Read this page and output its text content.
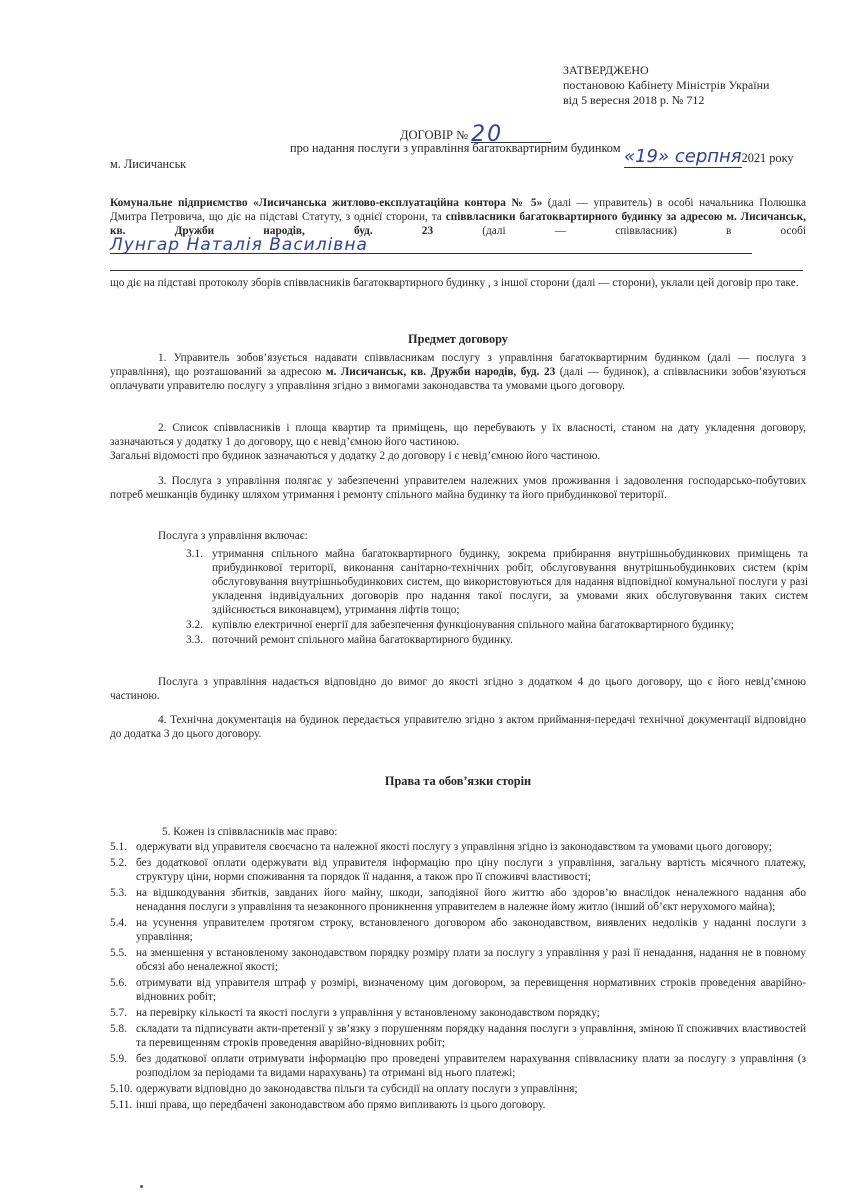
ЗАТВЕРДЖЕНО
постановою Кабінету Міністрів України
від 5 вересня 2018 р. № 712
ДОГОВІР № 20
про надання послуги з управління багатоквартирним будинком
м. Лисичанськ	«19» серпня2021 року

Комунальне підприємство «Лисичанська житлово-експлуатаційна контора № 5» (далі — управитель) в особі начальника Полюшка Дмитра Петровича, що діє на підставі Статуту, з однієї сторони, та співвласники багатоквартирного будинку за адресою м. Лисичанськ, кв. Дружби народів, буд. 23 (далі — співвласник) в особі Лунгар Наталія Василівна

що діє на підставі протоколу зборів співвласників багатоквартирного будинку , з іншої сторони (далі — сторони), уклали цей договір про таке.
Предмет договору

1. Управитель зобов’язується надавати співвласникам послугу з управління багатоквартирним будинком (далі — послуга з управління), що розташований за адресою м. Лисичанськ, кв. Дружби народів, буд. 23 (далі — будинок), а співвласники зобов’язуються оплачувати управителю послугу з управління згідно з вимогами законодавства та умовами цього договору.

2. Список співвласників і площа квартир та приміщень, що перебувають у їх власності, станом на дату укладення договору, зазначаються у додатку 1 до договору, що є невід’ємною його частиною.

Загальні відомості про будинок зазначаються у додатку 2 до договору і є невід’ємною його частиною.

3. Послуга з управління полягає у забезпеченні управителем належних умов проживання і задоволення господарсько-побутових потреб мешканців будинку шляхом утримання і ремонту спільного майна будинку та його прибудинкової території.

Послуга з управління включає:

3.1. утримання спільного майна багатоквартирного будинку, зокрема прибирання внутрішньобудинкових приміщень та прибудинкової території, виконання санітарно-технічних робіт, обслуговування внутрішньобудинкових систем (крім обслуговування внутрішньобудинкових систем, що використовуються для надання відповідної комунальної послуги у разі укладення індивідуальних договорів про надання такої послуги, за умовами яких обслуговування таких систем здійснюється виконавцем), утримання ліфтів тощо;
3.2. купівлю електричної енергії для забезпечення функціонування спільного майна багатоквартирного будинку;
3.3. поточний ремонт спільного майна багатоквартирного будинку.

Послуга з управління надається відповідно до вимог до якості згідно з додатком 4 до цього договору, що є його невід’ємною частиною.

4. Технічна документація на будинок передається управителю згідно з актом приймання-передачі технічної документації відповідно до додатка 3 до цього договору.

Права та обов’язки сторін

5. Кожен із співвласників має право:

5.1. одержувати від управителя своєчасно та належної якості послугу з управління згідно із законодавством та умовами цього договору;
5.2. без додаткової оплати одержувати від управителя інформацію про ціну послуги з управління, загальну вартість місячного платежу, структуру ціни, норми споживання та порядок її надання, а також про її споживчі властивості;
5.3. на відшкодування збитків, завданих його майну, шкоди, заподіяної його життю або здоров’ю внаслідок неналежного надання або ненадання послуги з управління та незаконного проникнення управителем в належне йому житло (інший об’єкт нерухомого майна);
5.4. на усунення управителем протягом строку, встановленого договором або законодавством, виявлених недоліків у наданні послуги з управління;
5.5. на зменшення у встановленому законодавством порядку розміру плати за послугу з управління у разі її ненадання, надання не в повному обсязі або неналежної якості;
5.6. отримувати від управителя штраф у розмірі, визначеному цим договором, за перевищення нормативних строків проведення аварійно-відновних робіт;
5.7. на перевірку кількості та якості послуги з управління у встановленому законодавством порядку;
5.8. складати та підписувати акти-претензії у зв’язку з порушенням порядку надання послуги з управління, зміною її споживчих властивостей та перевищенням строків проведення аварійно-відновних робіт;
5.9. без додаткової оплати отримувати інформацію про проведені управителем нарахування співвласнику плати за послугу з управління (з розподілом за періодами та видами нарахувань) та отримані від нього платежі;
5.10. одержувати відповідно до законодавства пільги та субсидії на оплату послуги з управління;
5.11. інші права, що передбачені законодавством або прямо випливають із цього договору.
